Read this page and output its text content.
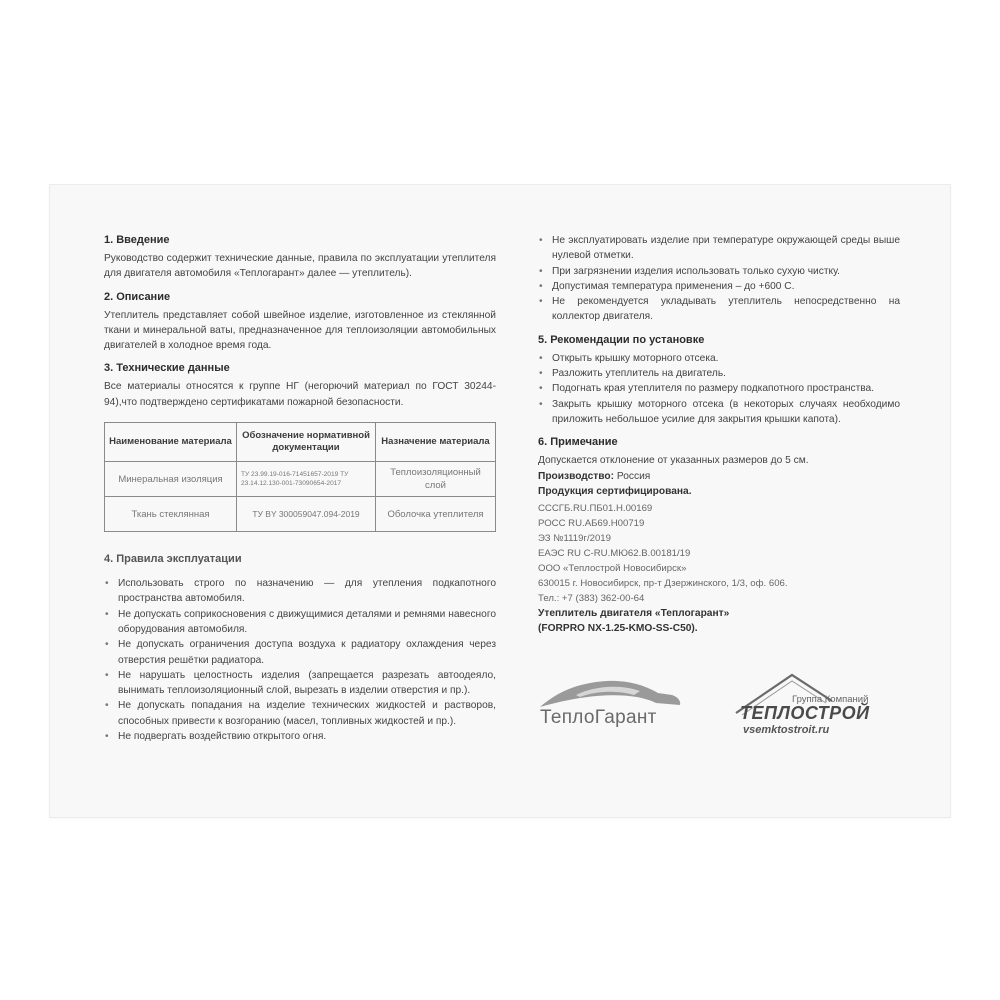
1. Введение

Руководство содержит технические данные, правила по эксплуатации утеплителя для двигателя автомобиля «Теплогарант» далее — утеплитель).

2. Описание

Утеплитель представляет собой швейное изделие, изготовленное из стеклянной ткани и минеральной ваты, предназначенное для теплоизоляции автомобильных двигателей в холодное время года.

3. Технические данные

Все материалы относятся к группе НГ (негорючий материал по ГОСТ 30244-94),что подтверждено сертификатами пожарной безопасности.

Наименование материала	Обозначение нормативной документации	Назначение материала
Минеральная изоляция	ТУ 23.99.19-016-71451657-2019 ТУ 23.14.12.130-001-73090654-2017	Теплоизоляционный слой
Ткань стеклянная	ТУ BY 300059047.094-2019	Оболочка утеплителя
4. Правила эксплуатации
• Использовать строго по назначению — для утепления подкапотного пространства автомобиля.
• Не допускать соприкосновения с движущимися деталями и ремнями навесного оборудования автомобиля.
• Не допускать ограничения доступа воздуха к радиатору охлаждения через отверстия решётки радиатора.
• Не нарушать целостность изделия (запрещается разрезать автоодеяло, вынимать теплоизоляционный слой, вырезать в изделии отверстия и пр.).
• Не допускать попадания на изделие технических жидкостей и растворов, способных привести к возгоранию (масел, топливных жидкостей и пр.).
• Не подвергать воздействию открытого огня.
• Не эксплуатировать изделие при температуре окружающей среды выше нулевой отметки.
• При загрязнении изделия использовать только сухую чистку.
• Допустимая температура применения – до +600 С.
• Не рекомендуется укладывать утеплитель непосредственно на коллектор двигателя.
5. Рекомендации по установке
• Открыть крышку моторного отсека.
• Разложить утеплитель на двигатель.
• Подогнать края утеплителя по размеру подкапотного пространства.
• Закрыть крышку моторного отсека (в некоторых случаях необходимо приложить небольшое усилие для закрытия крышки капота).
6. Примечание
Допускается отклонение от указанных размеров до 5 см.
Производство: Россия
Продукция сертифицирована.
СССГБ.RU.ПБ01.Н.00169
РОСС RU.АБ69.Н00719
ЭЗ №1119г/2019
ЕАЭС RU C-RU.МЮ62.В.00181/19
ООО «Теплострой Новосибирск»
630015 г. Новосибирск, пр-т Дзержинского, 1/3, оф. 606.
Тел.: +7 (383) 362-00-64
Утеплитель двигателя «Теплогарант»
(FORPRO NX-1.25-KMO-SS-C50).
ТеплоГарант
Группа Компаний
ТЕПЛОСТРОЙ
vsemktostroit.ru
